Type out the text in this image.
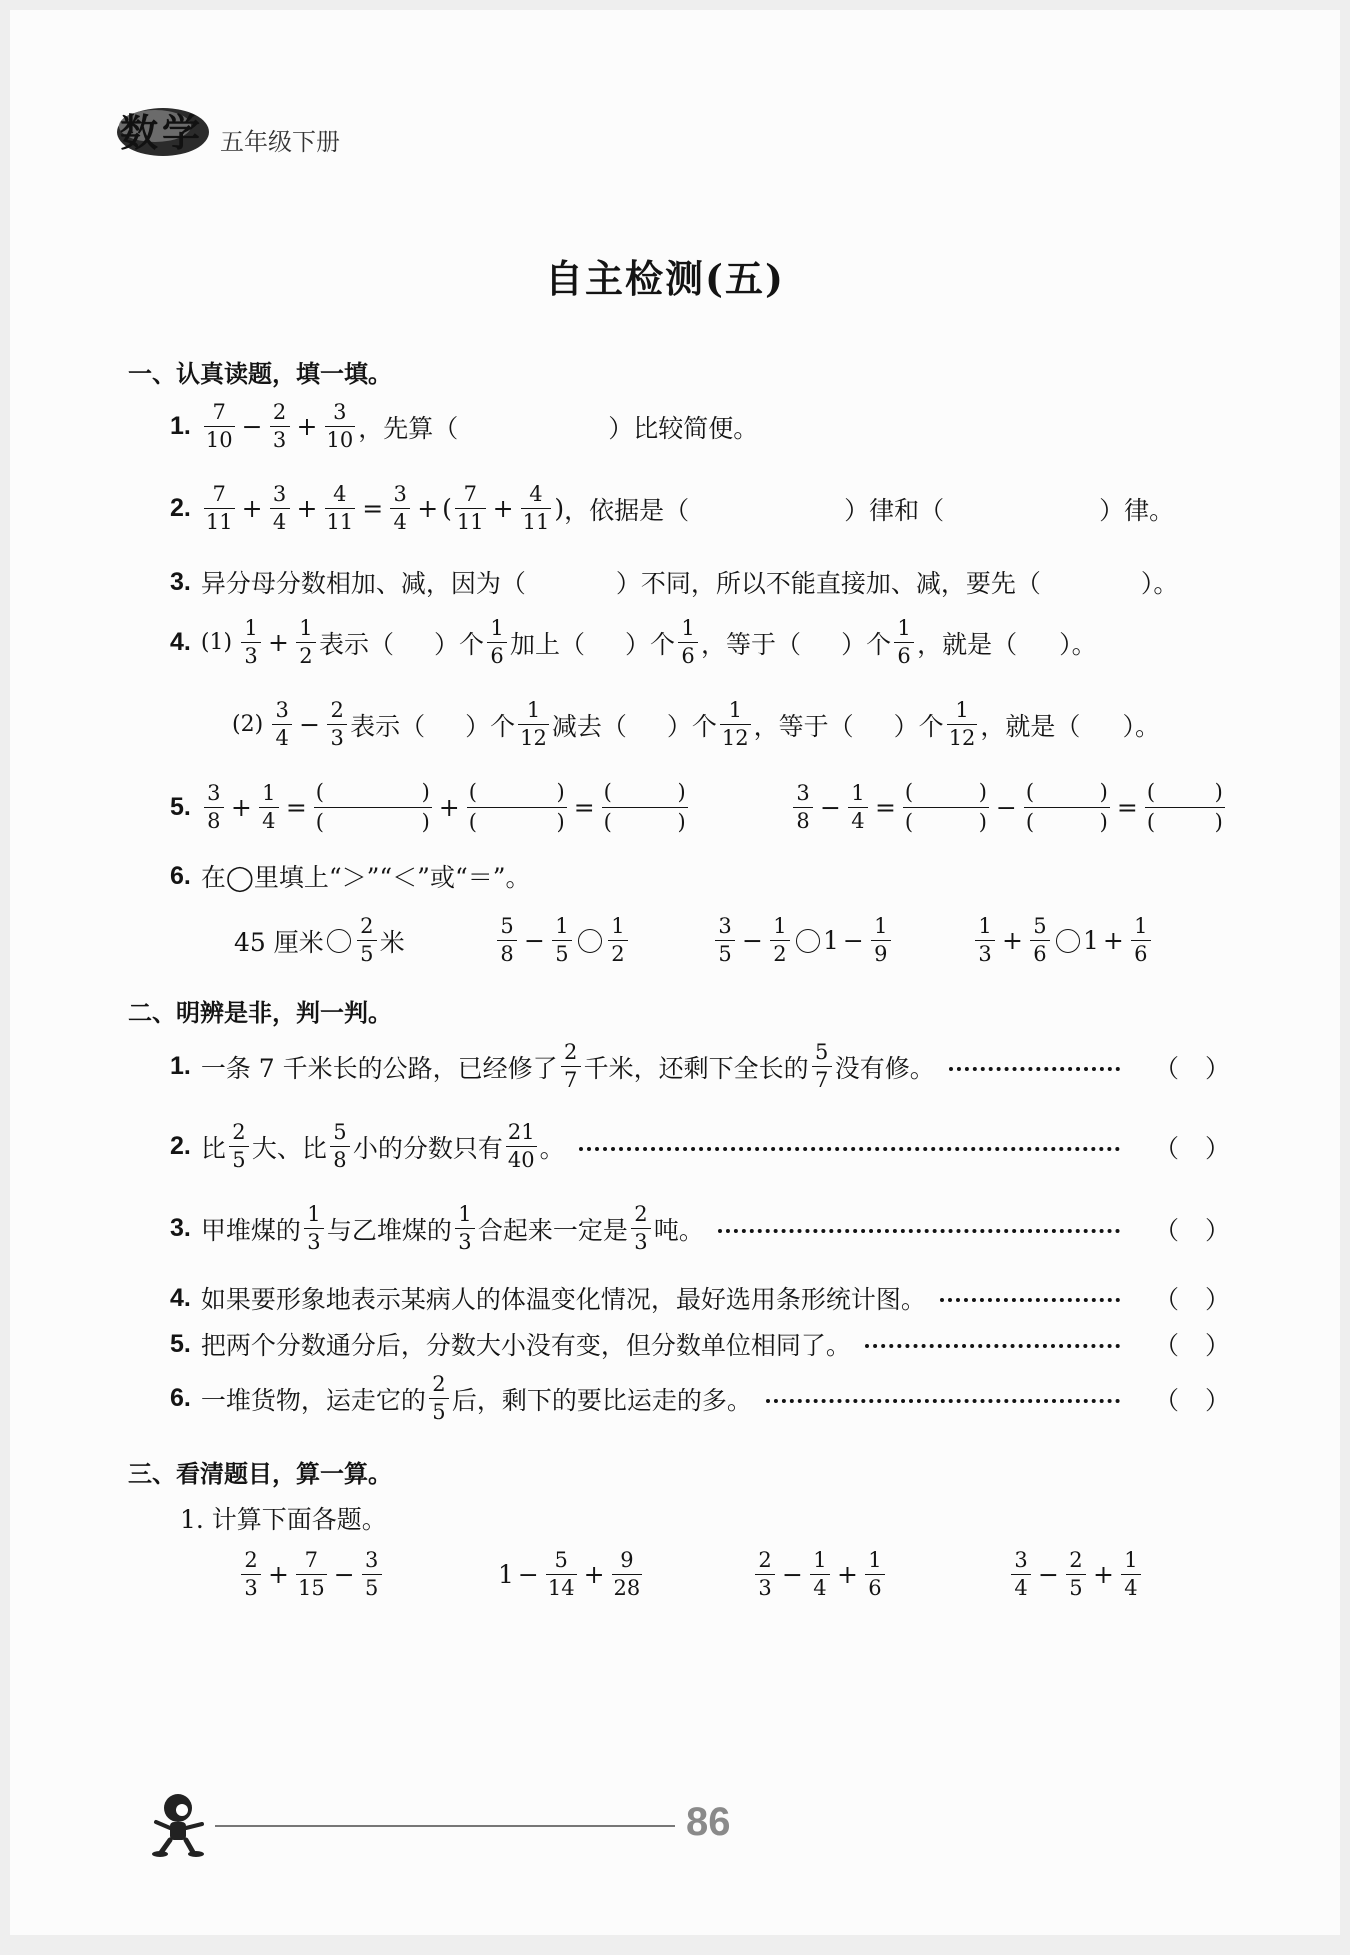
数学 五年级下册
自主检测(五)
一、认真读题，填一填。
1. $\frac{7}{10} - \frac{2}{3} + \frac{3}{10}$ ，先算（	）比较简便。
2. $\frac{7}{11} + \frac{3}{4} + \frac{4}{11} = \frac{3}{4}$ + ( $\frac{7}{11} + \frac{4}{11}$ ) ，依据是（	）律和（	）律。
3. 异分母分数相加、减，因为（	）不同，所以不能直接加、减，要先（	）。
4. $(1) \frac{1}{3} + \frac{1}{2}$ 表示（ ）个 $\frac{1}{6}$ 加上（ ）个 $\frac{1}{6}$ ，等于（ ）个 $\frac{1}{6}$ ，就是（ ）。
$(2) \frac{3}{4} - \frac{2}{3}$ 表示（ ）个 $\frac{1}{12}$ 减去（ ）个 $\frac{1}{12}$ ，等于（ ）个 $\frac{1}{12}$ ，就是（ ）。
5. $\frac{3}{8} + \frac{1}{4}$ =
(	)
(	) +
(	)
(	) =
(	)
(	)	$\frac{3}{8} - \frac{1}{4}$ =
(	)
(	) −
(	)
(	) =
(	)
(	)
6. 在◯里填上“＞”“＜”或“＝”。
45 厘米 $\frac{2}{5}$ 米	$\frac{5}{8} - \frac{1}{5} \frac{1}{2}$	$\frac{3}{5} - \frac{1}{2} 1 - \frac{1}{9}$	$\frac{1}{3} + \frac{5}{6} 1 + \frac{1}{6}$
二、明辨是非，判一判。
1. 一条 7 千米长的公路，已经修了 $\frac{2}{7}$ 千米，还剩下全长的 $\frac{5}{7}$ 没有修。	（ ）
2. 比 $\frac{2}{5}$ 大、比 $\frac{5}{8}$ 小的分数只有 $\frac{21}{40}$ 。	（ ）
3. 甲堆煤的 $\frac{1}{3}$ 与乙堆煤的 $\frac{1}{3}$ 合起来一定是 $\frac{2}{3}$ 吨。	（ ）
4. 如果要形象地表示某病人的体温变化情况，最好选用条形统计图。	（ ）
5. 把两个分数通分后，分数大小没有变，但分数单位相同了。	（ ）
6. 一堆货物，运走它的 $\frac{2}{5}$ 后，剩下的要比运走的多。	（ ）
三、看清题目，算一算。
1. 计算下面各题。
$\frac{2}{3} + \frac{7}{15} - \frac{3}{5}$	$1 - \frac{5}{14} + \frac{9}{28}$	$\frac{2}{3} - \frac{1}{4} + \frac{1}{6}$	$\frac{3}{4} - \frac{2}{5} + \frac{1}{4}$
86
